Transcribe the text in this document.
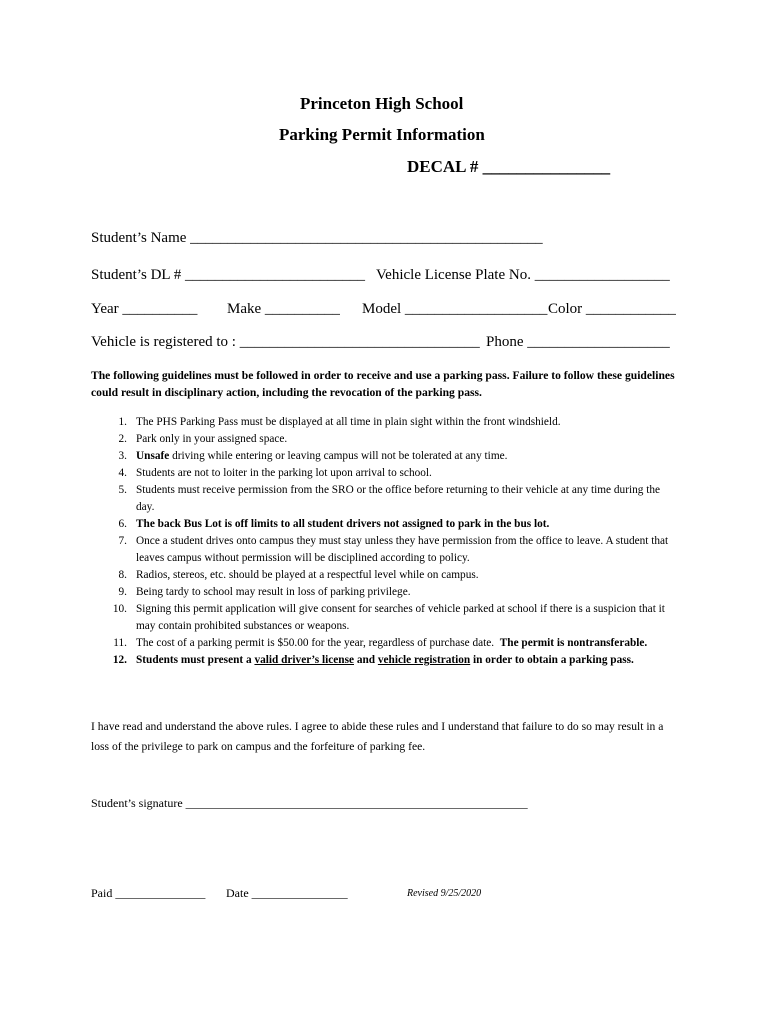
Princeton High School
Parking Permit Information
DECAL # _______________
Student’s Name _______________________________________________
Student’s DL # ________________________ Vehicle License Plate No. __________________
Year __________ Make __________ Model ___________________ Color ____________
Vehicle is registered to : ________________________________ Phone ___________________
The following guidelines must be followed in order to receive and use a parking pass. Failure to follow these guidelines could result in disciplinary action, including the revocation of the parking pass.
1. The PHS Parking Pass must be displayed at all time in plain sight within the front windshield.
2. Park only in your assigned space.
3. Unsafe driving while entering or leaving campus will not be tolerated at any time.
4. Students are not to loiter in the parking lot upon arrival to school.
5. Students must receive permission from the SRO or the office before returning to their vehicle at any time during the day.
6. The back Bus Lot is off limits to all student drivers not assigned to park in the bus lot.
7. Once a student drives onto campus they must stay unless they have permission from the office to leave. A student that leaves campus without permission will be disciplined according to policy.
8. Radios, stereos, etc. should be played at a respectful level while on campus.
9. Being tardy to school may result in loss of parking privilege.
10. Signing this permit application will give consent for searches of vehicle parked at school if there is a suspicion that it may contain prohibited substances or weapons.
11. The cost of a parking permit is $50.00 for the year, regardless of purchase date. The permit is nontransferable.
12. Students must present a valid driver’s license and vehicle registration in order to obtain a parking pass.
I have read and understand the above rules. I agree to abide these rules and I understand that failure to do so may result in a loss of the privilege to park on campus and the forfeiture of parking fee.
Student’s signature _________________________________________________________
Paid _______________ Date ________________	Revised 9/25/2020
